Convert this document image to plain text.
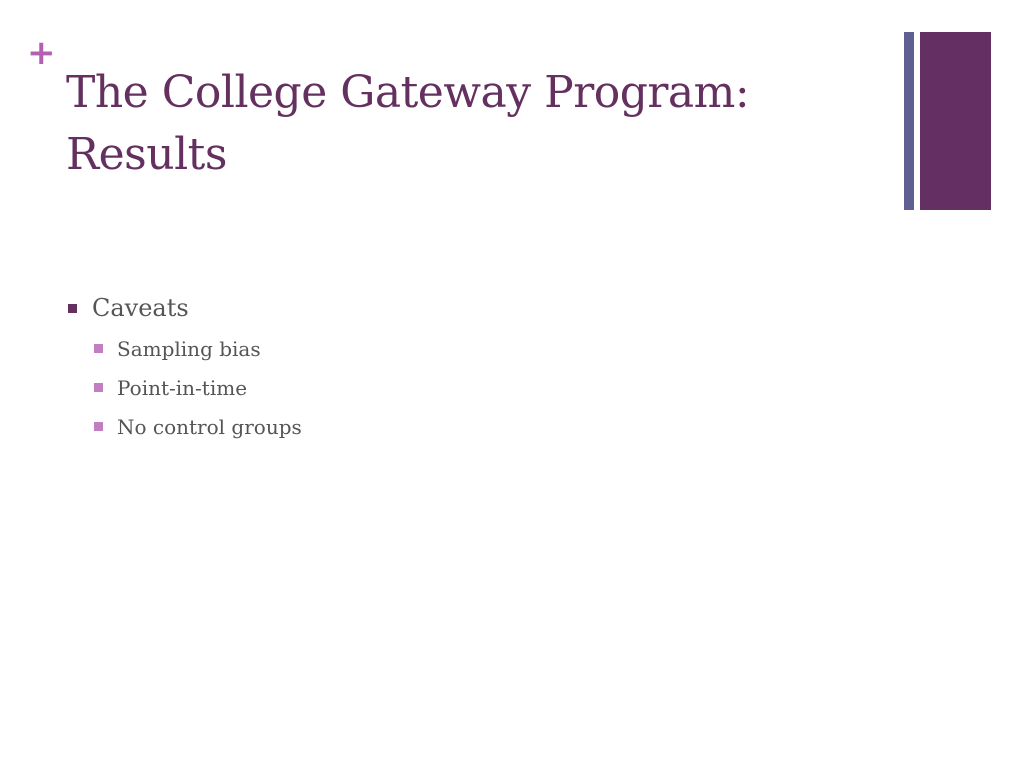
+
The College Gateway Program: Results
Caveats
Sampling bias
Point-in-time
No control groups
